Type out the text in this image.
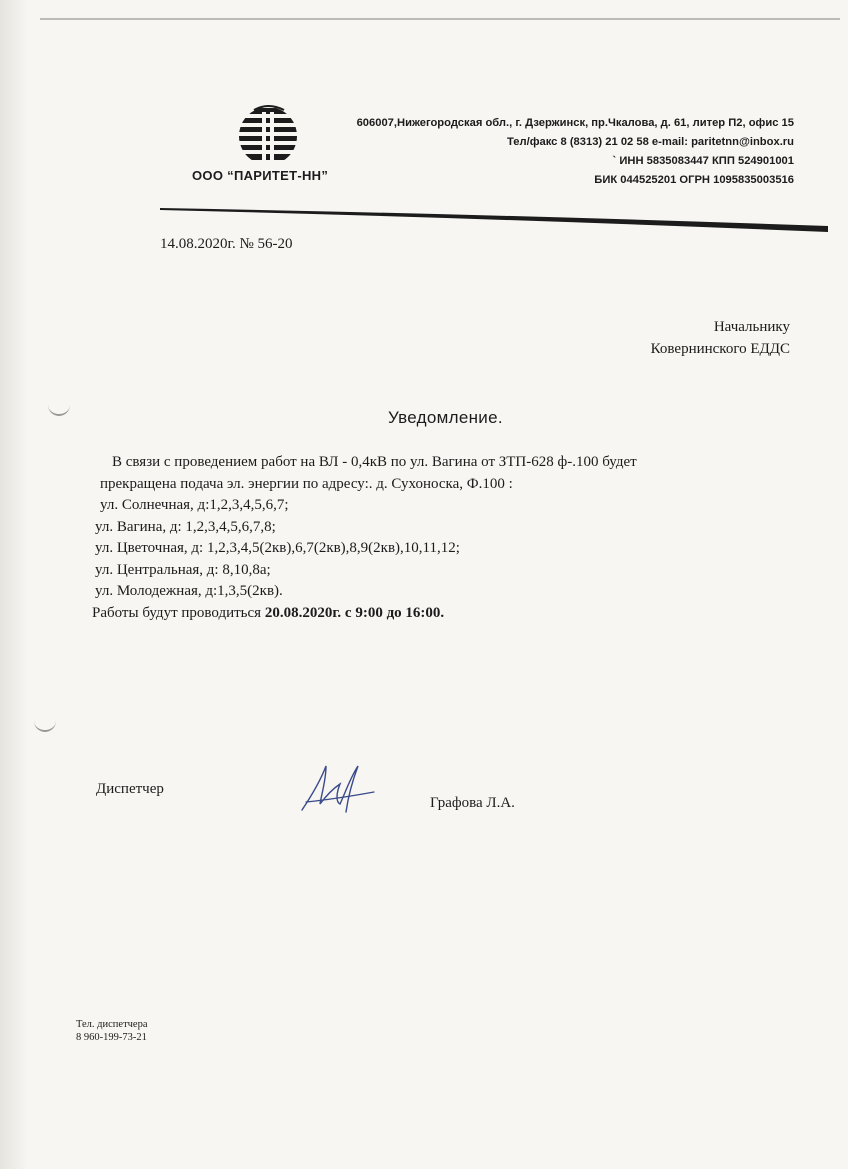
ООО “ПАРИТЕТ-НН”
606007,Нижегородская обл., г. Дзержинск, пр.Чкалова, д. 61, литер П2, офис 15
Тел/факс 8 (8313) 21 02 58 e-mail: paritetnn@inbox.ru
` ИНН 5835083447 КПП 524901001
БИК 044525201 ОГРН 1095835003516
14.08.2020г. № 56-20
Начальнику
Ковернинского ЕДДС
Уведомление.
В связи с проведением работ на ВЛ - 0,4кВ по ул. Вагина от ЗТП-628 ф-.100 будет
прекращена подача эл. энергии по адресу:. д. Сухоноска, Ф.100 :
ул. Солнечная, д:1,2,3,4,5,6,7;
ул. Вагина, д: 1,2,3,4,5,6,7,8;
ул. Цветочная, д: 1,2,3,4,5(2кв),6,7(2кв),8,9(2кв),10,11,12;
ул. Центральная, д: 8,10,8а;
ул. Молодежная, д:1,3,5(2кв).
Работы будут проводиться 20.08.2020г. с 9:00 до 16:00.
Диспетчер
Графова Л.А.
Тел. диспетчера
8 960-199-73-21
